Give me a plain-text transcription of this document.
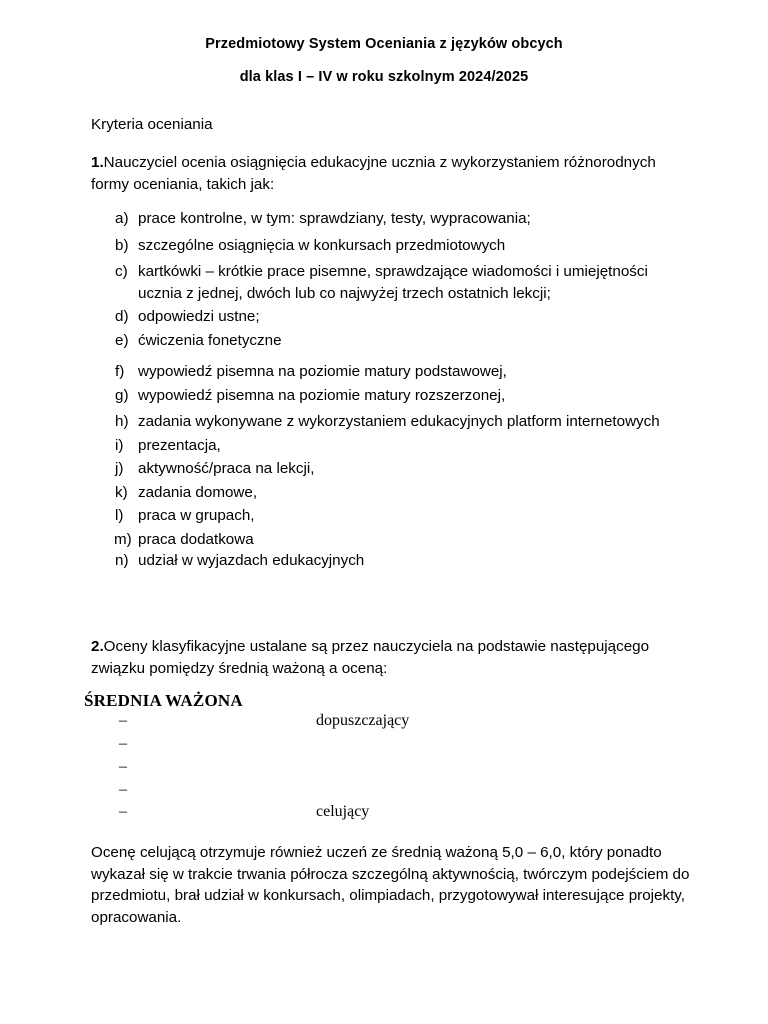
Przedmiotowy System Oceniania z języków obcych
dla klas I – IV w roku szkolnym 2024/2025
Kryteria oceniania
1.Nauczyciel ocenia osiągnięcia edukacyjne ucznia z wykorzystaniem różnorodnych formy oceniania, takich jak:
a) prace kontrolne, w tym: sprawdziany, testy, wypracowania;
b) szczególne osiągnięcia w konkursach przedmiotowych
c) kartkówki – krótkie prace pisemne, sprawdzające wiadomości i umiejętności ucznia z jednej, dwóch lub co najwyżej trzech ostatnich lekcji;
d) odpowiedzi ustne;
e) ćwiczenia fonetyczne
f) wypowiedź pisemna na poziomie matury podstawowej,
g) wypowiedź pisemna na poziomie matury rozszerzonej,
h) zadania wykonywane z wykorzystaniem edukacyjnych platform internetowych
i) prezentacja,
j) aktywność/praca na lekcji,
k) zadania domowe,
l) praca w grupach,
m) praca dodatkowa
n) udział w wyjazdach edukacyjnych
2.Oceny klasyfikacyjne ustalane są przez nauczyciela na podstawie następującego związku pomiędzy średnią ważoną a oceną:
ŚREDNIA WAŻONA
–	dopuszczający
–
–
–
–	celujący
Ocenę celującą otrzymuje również uczeń ze średnią ważoną 5,0 – 6,0, który ponadto wykazał się w trakcie trwania półrocza szczególną aktywnością, twórczym podejściem do przedmiotu, brał udział w konkursach, olimpiadach, przygotowywał interesujące projekty, opracowania.
